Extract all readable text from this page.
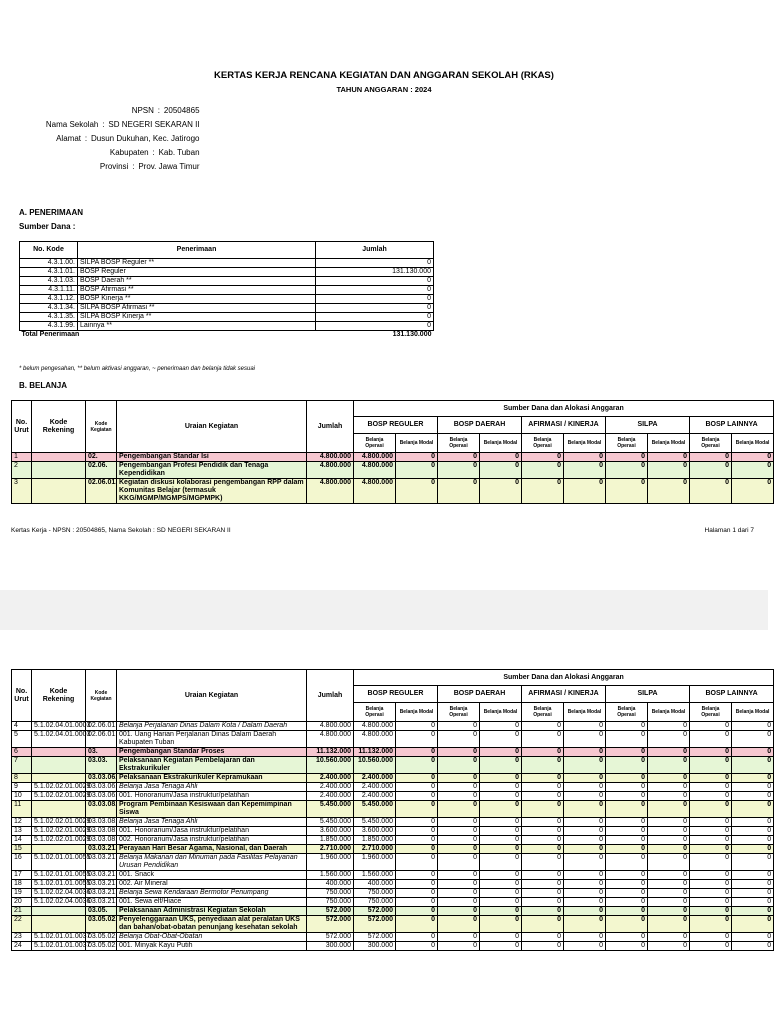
KERTAS KERJA RENCANA KEGIATAN DAN ANGGARAN SEKOLAH (RKAS)
TAHUN ANGGARAN : 2024
NPSN : 20504865
Nama Sekolah : SD NEGERI SEKARAN II
Alamat : Dusun Dukuhan, Kec. Jatirogo
Kabupaten : Kab. Tuban
Provinsi : Prov. Jawa Timur
A. PENERIMAAN
Sumber Dana :
No. Kode	Penerimaan	Jumlah
4.3.1.00.	SILPA BOSP Reguler **	0
4.3.1.01.	BOSP Reguler	131.130.000
4.3.1.03.	BOSP Daerah **	0
4.3.1.11.	BOSP Afirmasi **	0
4.3.1.12.	BOSP Kinerja **	0
4.3.1.34.	SILPA BOSP Afirmasi **	0
4.3.1.35.	SILPA BOSP Kinerja **	0
4.3.1.99.	Lainnya **	0
Total Penerimaan		131.130.000
* belum pengesahan, ** belum aktivasi anggaran, ~ penerimaan dan belanja tidak sesuai
B. BELANJA
No. Urut	Kode Rekening	Kode Kegiatan	Uraian Kegiatan	Jumlah	Sumber Dana dan Alokasi Anggaran									
					BOSP REGULER		BOSP DAERAH		AFIRMASI / KINERJA		SILPA		BOSP LAINNYA	
					Belanja Operasi	Belanja Modal	Belanja Operasi	Belanja Modal	Belanja Operasi	Belanja Modal	Belanja Operasi	Belanja Modal	Belanja Operasi	Belanja Modal
1		02.	Pengembangan Standar Isi	4.800.000	4.800.000	0	0	0	0	0	0	0	0	0
2		02.06.	Pengembangan Profesi Pendidik dan Tenaga Kependidikan	4.800.000	4.800.000	0	0	0	0	0	0	0	0	0
3		02.06.01.	Kegiatan diskusi kolaborasi pengembangan RPP dalam Komunitas Belajar (termasuk KKG/MGMP/MGMPS/MGPMPK)	4.800.000	4.800.000	0	0	0	0	0	0	0	0	0
Kertas Kerja - NPSN : 20504865, Nama Sekolah : SD NEGERI SEKARAN II	Halaman 1 dari 7
No. Urut	Kode Rekening	Kode Kegiatan	Uraian Kegiatan	Jumlah	Sumber Dana dan Alokasi Anggaran									
					BOSP REGULER		BOSP DAERAH		AFIRMASI / KINERJA		SILPA		BOSP LAINNYA	
					Belanja Operasi	Belanja Modal	Belanja Operasi	Belanja Modal	Belanja Operasi	Belanja Modal	Belanja Operasi	Belanja Modal	Belanja Operasi	Belanja Modal
4	5.1.02.04.01.0003	02.06.01.	Belanja Perjalanan Dinas Dalam Kota / Dalam Daerah	4.800.000	4.800.000	0	0	0	0	0	0	0	0	0
5	5.1.02.04.01.0003	02.06.01.	001. Uang Harian Perjalanan Dinas Dalam Daerah Kabupaten Tuban	4.800.000	4.800.000	0	0	0	0	0	0	0	0	0
6		03.	Pengembangan Standar Proses	11.132.000	11.132.000	0	0	0	0	0	0	0	0	0
7		03.03.	Pelaksanaan Kegiatan Pembelajaran dan Ekstrakurikuler	10.560.000	10.560.000	0	0	0	0	0	0	0	0	0
8		03.03.06.	Pelaksanaan Ekstrakurikuler Kepramukaan	2.400.000	2.400.000	0	0	0	0	0	0	0	0	0
9	5.1.02.02.01.0029	03.03.06.	Belanja Jasa Tenaga Ahli	2.400.000	2.400.000	0	0	0	0	0	0	0	0	0
10	5.1.02.02.01.0029	03.03.06.	001. Honorarium/Jasa instruktur/pelatihan	2.400.000	2.400.000	0	0	0	0	0	0	0	0	0
11		03.03.08.	Program Pembinaan Kesiswaan dan Kepemimpinan Siswa	5.450.000	5.450.000	0	0	0	0	0	0	0	0	0
12	5.1.02.02.01.0029	03.03.08.	Belanja Jasa Tenaga Ahli	5.450.000	5.450.000	0	0	0	0	0	0	0	0	0
13	5.1.02.02.01.0029	03.03.08.	001. Honorarium/Jasa instruktur/pelatihan	3.600.000	3.600.000	0	0	0	0	0	0	0	0	0
14	5.1.02.02.01.0029	03.03.08.	002. Honorarium/Jasa instruktur/pelatihan	1.850.000	1.850.000	0	0	0	0	0	0	0	0	0
15		03.03.21.	Perayaan Hari Besar Agama, Nasional, dan Daerah	2.710.000	2.710.000	0	0	0	0	0	0	0	0	0
16	5.1.02.01.01.0055	03.03.21.	Belanja Makanan dan Minuman pada Fasilitas Pelayanan Urusan Pendidikan	1.960.000	1.960.000	0	0	0	0	0	0	0	0	0
17	5.1.02.01.01.0055	03.03.21.	001. Snack	1.560.000	1.560.000	0	0	0	0	0	0	0	0	0
18	5.1.02.01.01.0055	03.03.21.	002. Air Mineral	400.000	400.000	0	0	0	0	0	0	0	0	0
19	5.1.02.02.04.0036	03.03.21.	Belanja Sewa Kendaraan Bermotor Penumpang	750.000	750.000	0	0	0	0	0	0	0	0	0
20	5.1.02.02.04.0036	03.03.21.	001. Sewa elf/Hiace	750.000	750.000	0	0	0	0	0	0	0	0	0
21		03.05.	Pelaksanaan Administrasi Kegiatan Sekolah	572.000	572.000	0	0	0	0	0	0	0	0	0
22		03.05.02.	Penyelenggaraan UKS, penyediaan alat peralatan UKS dan bahan/obat-obatan penunjang kesehatan sekolah	572.000	572.000	0	0	0	0	0	0	0	0	0
23	5.1.02.01.01.0037	03.05.02.	Belanja Obat-Obat-Obatan	572.000	572.000	0	0	0	0	0	0	0	0	0
24	5.1.02.01.01.0037	03.05.02.	001. Minyak Kayu Putih	300.000	300.000	0	0	0	0	0	0	0	0	0
